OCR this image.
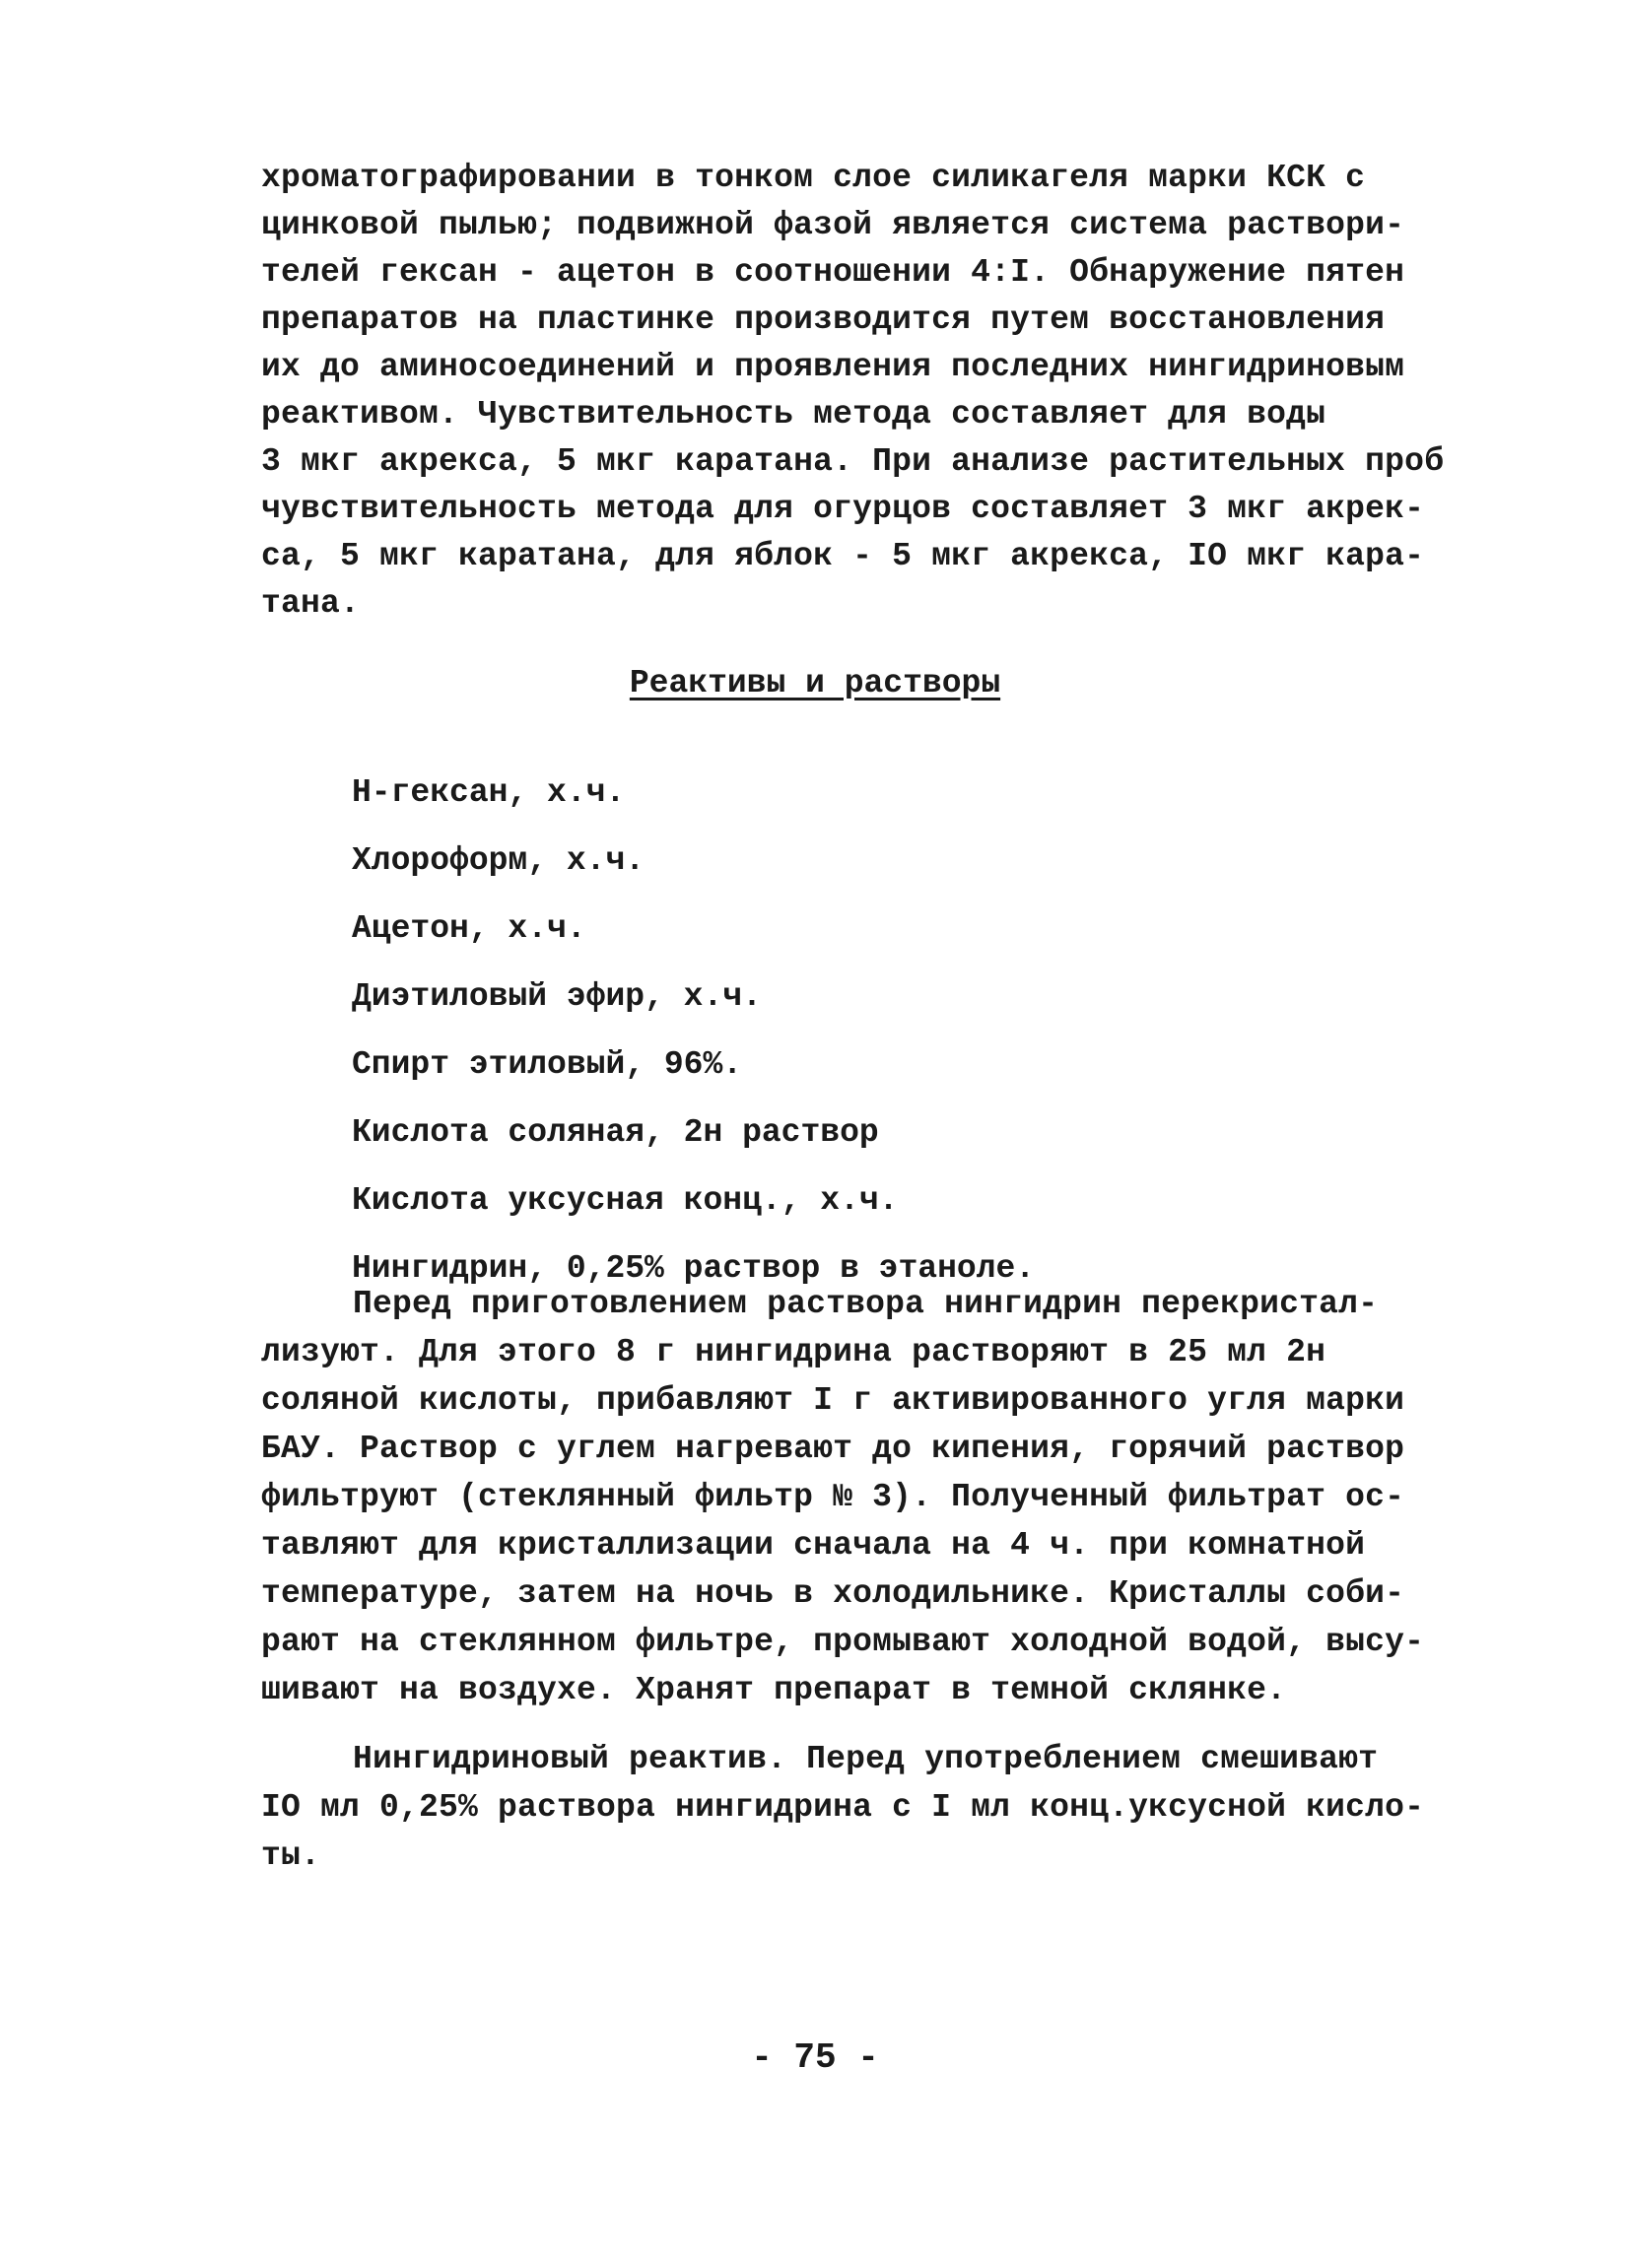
хроматографировании в тонком слое силикагеля марки КСК с
цинковой пылью; подвижной фазой является система раствори-
телей гексан - ацетон в соотношении 4:I. Обнаружение пятен
препаратов на пластинке производится путем восстановления
их до аминосоединений и проявления последних нингидриновым
реактивом. Чувствительность метода составляет для воды
3 мкг акрекса, 5 мкг каратана. При анализе растительных проб
чувствительность метода для огурцов составляет 3 мкг акрек-
са, 5 мкг каратана, для яблок - 5 мкг акрекса, IO мкг кара-
тана.
Реактивы и растворы
Н-гексан, х.ч.
Хлороформ, х.ч.
Ацетон, х.ч.
Диэтиловый эфир, х.ч.
Спирт этиловый, 96%.
Кислота соляная, 2н раствор
Кислота уксусная конц., х.ч.
Нингидрин, 0,25% раствор в этаноле.
Перед приготовлением раствора нингидрин перекристал-
лизуют. Для этого 8 г нингидрина растворяют в 25 мл 2н
соляной кислоты, прибавляют I г активированного угля марки
БАУ. Раствор с углем нагревают до кипения, горячий раствор
фильтруют (стеклянный фильтр № 3). Полученный фильтрат ос-
тавляют для кристаллизации сначала на 4 ч. при комнатной
температуре, затем на ночь в холодильнике. Кристаллы соби-
рают на стеклянном фильтре, промывают холодной водой, высу-
шивают на воздухе. Хранят препарат в темной склянке.
Нингидриновый реактив. Перед употреблением смешивают
IO мл 0,25% раствора нингидрина с I мл конц.уксусной кисло-
ты.
- 75 -
